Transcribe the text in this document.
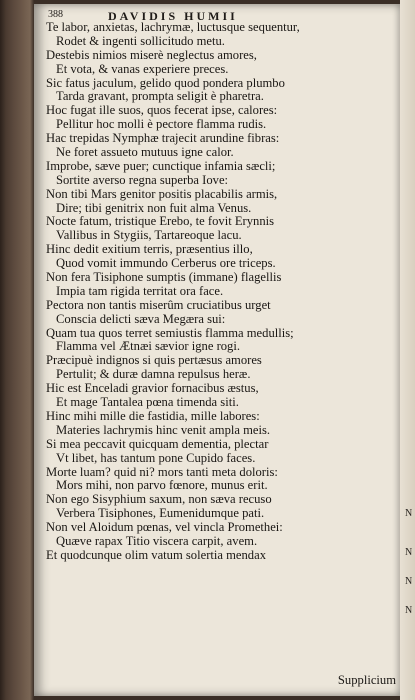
388	DAVIDIS HUMII
Te labor, anxietas, lachrymæ, luctusque sequentur,
Rodet & ingenti sollicitudo metu.
Destebis nimios miserè neglectus amores,
Et vota, & vanas experiere preces.
Sic fatus jaculum, gelido quod pondera plumbo
Tarda gravant, prompta seligit è pharetra.
Hoc fugat ille suos, quos fecerat ipse, calores:
Pellitur hoc molli è pectore flamma rudis.
Hac trepidas Nymphæ trajecit arundine fibras:
Ne foret assueto mutuus igne calor.
Improbe, sæve puer; cunctique infamia sæcli;
Sortite averso regna superba Iove:
Non tibi Mars genitor positis placabilis armis,
Dire; tibi genitrix non fuit alma Venus.
Nocte fatum, tristique Erebo, te fovit Erynnis
Vallibus in Stygiis, Tartareoque lacu.
Hinc dedit exitium terris, præsentius illo,
Quod vomit immundo Cerberus ore triceps.
Non fera Tisiphone sumptis (immane) flagellis
Impia tam rigida territat ora face.
Pectora non tantis miserûm cruciatibus urget
Conscia delicti sæva Megæra sui:
Quam tua quos terret semiustis flamma medullis;
Flamma vel Ætnæi sævior igne rogi.
Præcipuè indignos si quis pertæsus amores
Pertulit; & duræ damna repulsus heræ.
Hic est Enceladi gravior fornacibus æstus,
Et mage Tantalea pœna timenda siti.
Hinc mihi mille die fastidia, mille labores:
Materies lachrymis hinc venit ampla meis.
Si mea peccavit quicquam dementia, plectar
Vt libet, has tantum pone Cupido faces.
Morte luam? quid ni? mors tanti meta doloris:
Mors mihi, non parvo fœnore, munus erit.
Non ego Sisyphium saxum, non sæva recuso
Verbera Tisiphones, Eumenidumque pati.
Non vel Aloidum pœnas, vel vincla Promethei:
Quæve rapax Titio viscera carpit, avem.
Et quodcunque olim vatum solertia mendax
Supplicium
N
N
N
N
